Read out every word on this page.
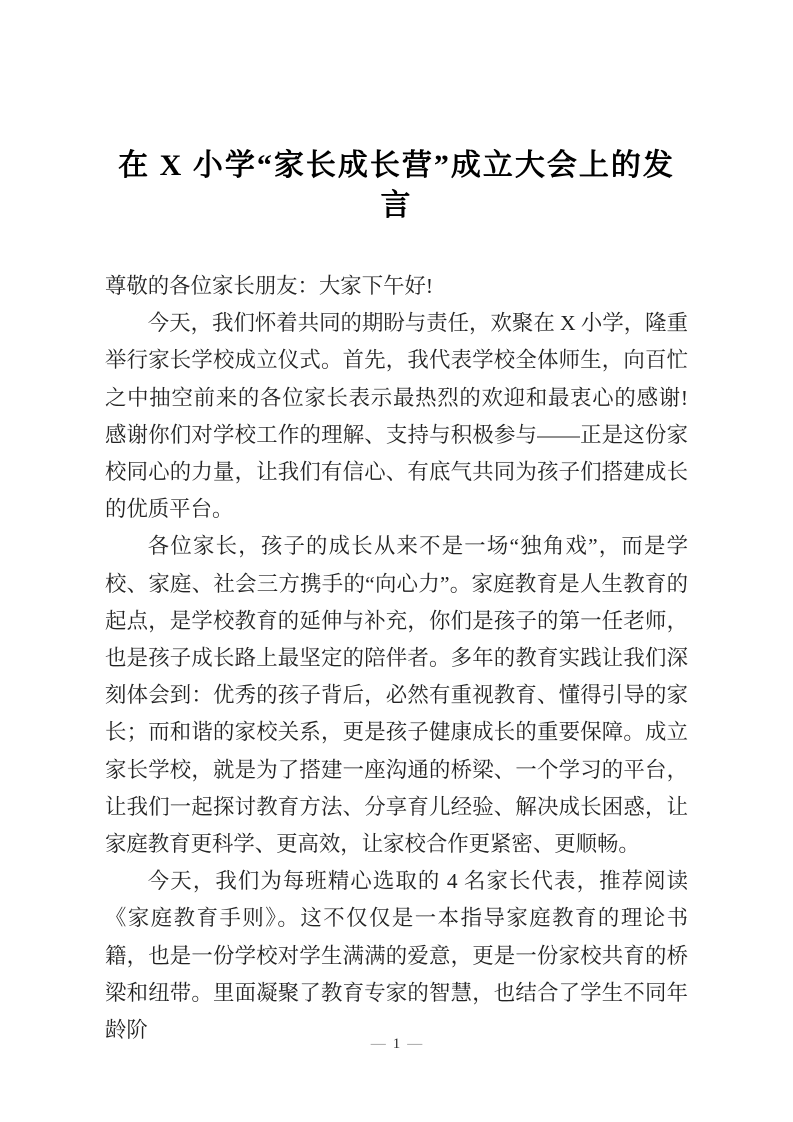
在 X 小学“家长成长营”成立大会上的发
言

尊敬的各位家长朋友：大家下午好!

今天，我们怀着共同的期盼与责任，欢聚在 X 小学，隆重举行家长学校成立仪式。首先，我代表学校全体师生，向百忙之中抽空前来的各位家长表示最热烈的欢迎和最衷心的感谢!感谢你们对学校工作的理解、支持与积极参与——正是这份家校同心的力量，让我们有信心、有底气共同为孩子们搭建成长的优质平台。

各位家长，孩子的成长从来不是一场“独角戏”，而是学校、家庭、社会三方携手的“向心力”。家庭教育是人生教育的起点，是学校教育的延伸与补充，你们是孩子的第一任老师，也是孩子成长路上最坚定的陪伴者。多年的教育实践让我们深刻体会到：优秀的孩子背后，必然有重视教育、懂得引导的家长；而和谐的家校关系，更是孩子健康成长的重要保障。成立家长学校，就是为了搭建一座沟通的桥梁、一个学习的平台，让我们一起探讨教育方法、分享育儿经验、解决成长困惑，让家庭教育更科学、更高效，让家校合作更紧密、更顺畅。

今天，我们为每班精心选取的 4 名家长代表，推荐阅读《家庭教育手则》。这不仅仅是一本指导家庭教育的理论书籍，也是一份学校对学生满满的爱意，更是一份家校共育的桥梁和纽带。里面凝聚了教育专家的智慧，也结合了学生不同年龄阶

— 1 —
